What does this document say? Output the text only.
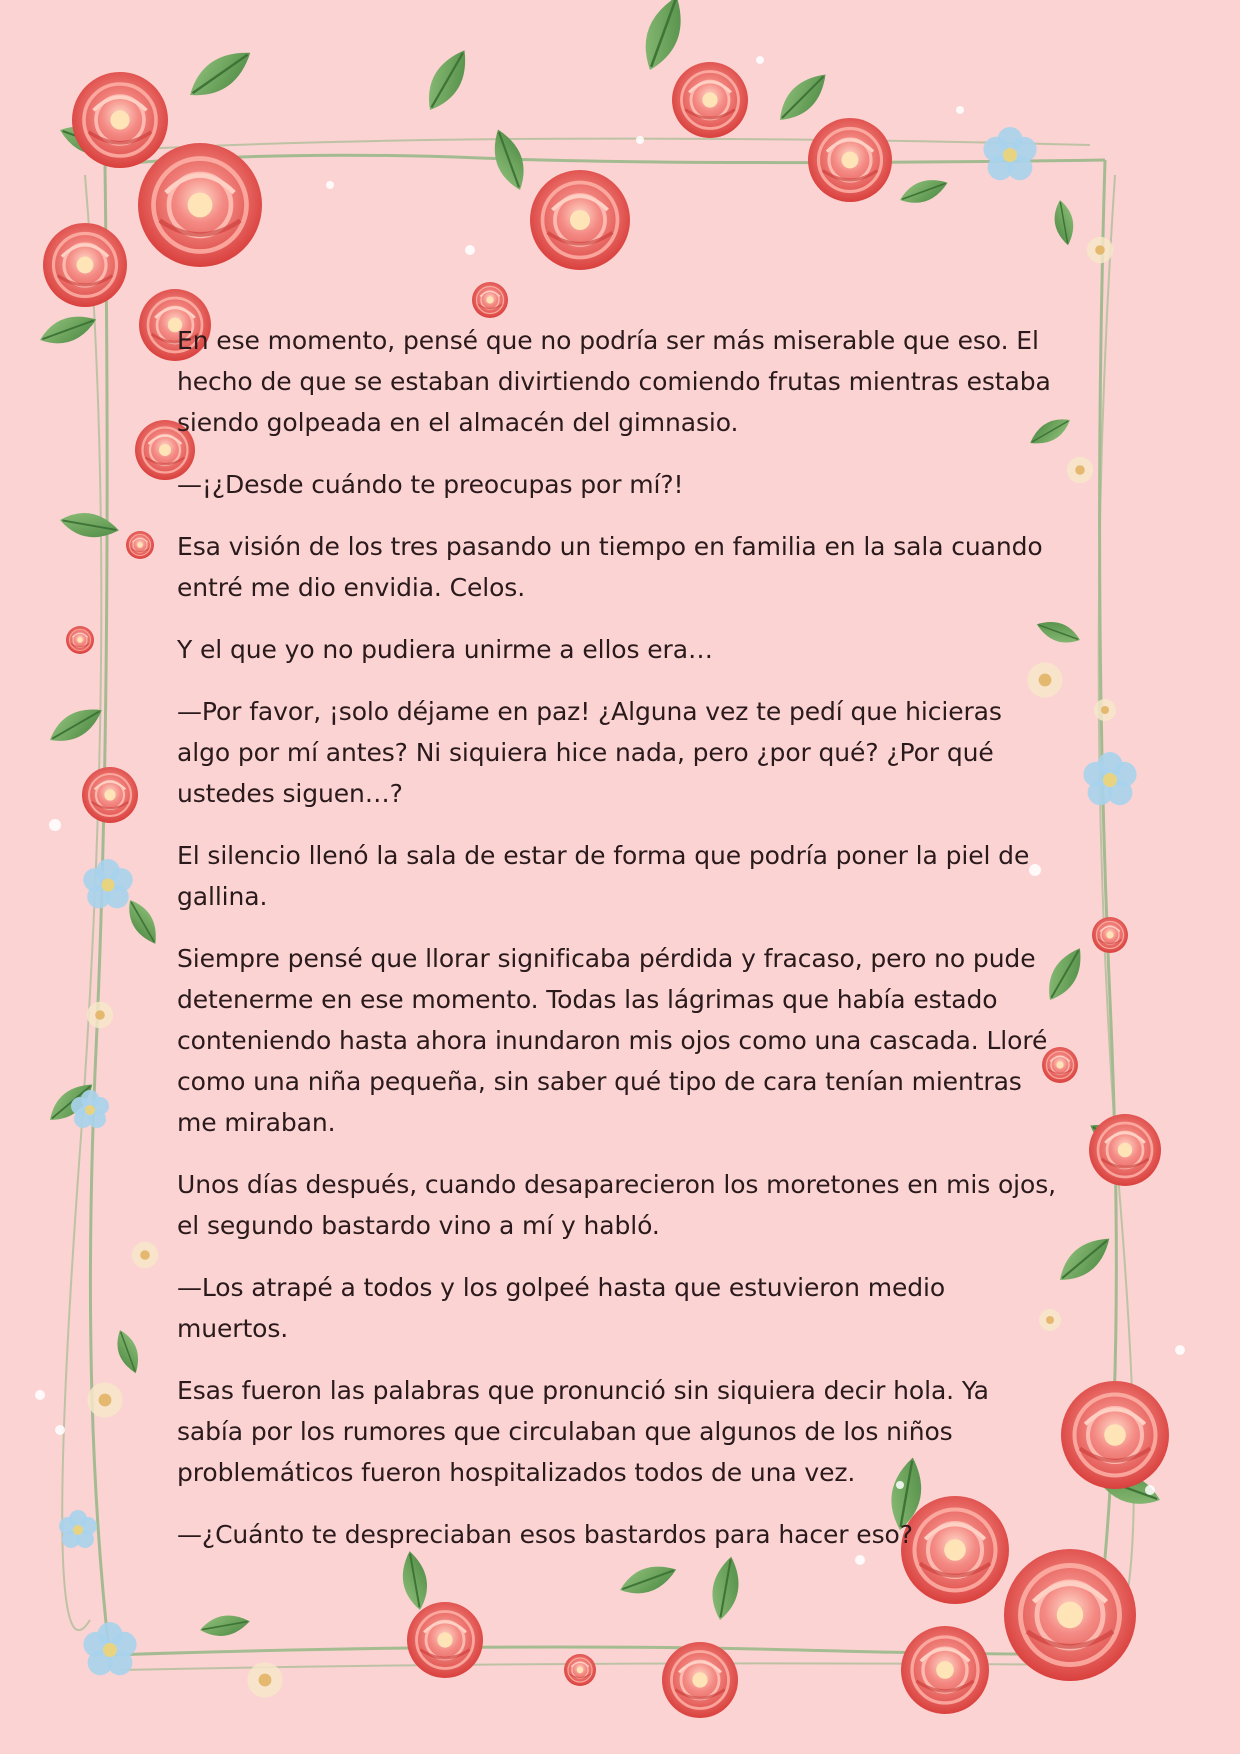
En ese momento, pensé que no podría ser más miserable que eso. El hecho de que se estaban divirtiendo comiendo frutas mientras estaba siendo golpeada en el almacén del gimnasio.

—¡¿Desde cuándo te preocupas por mí?!

Esa visión de los tres pasando un tiempo en familia en la sala cuando entré me dio envidia. Celos.

Y el que yo no pudiera unirme a ellos era…

—Por favor, ¡solo déjame en paz! ¿Alguna vez te pedí que hicieras algo por mí antes? Ni siquiera hice nada, pero ¿por qué? ¿Por qué ustedes siguen…?

El silencio llenó la sala de estar de forma que podría poner la piel de gallina.

Siempre pensé que llorar significaba pérdida y fracaso, pero no pude detenerme en ese momento. Todas las lágrimas que había estado conteniendo hasta ahora inundaron mis ojos como una cascada. Lloré como una niña pequeña, sin saber qué tipo de cara tenían mientras me miraban.

Unos días después, cuando desaparecieron los moretones en mis ojos, el segundo bastardo vino a mí y habló.

—Los atrapé a todos y los golpeé hasta que estuvieron medio muertos.

Esas fueron las palabras que pronunció sin siquiera decir hola. Ya sabía por los rumores que circulaban que algunos de los niños problemáticos fueron hospitalizados todos de una vez.

—¿Cuánto te despreciaban esos bastardos para hacer eso?
